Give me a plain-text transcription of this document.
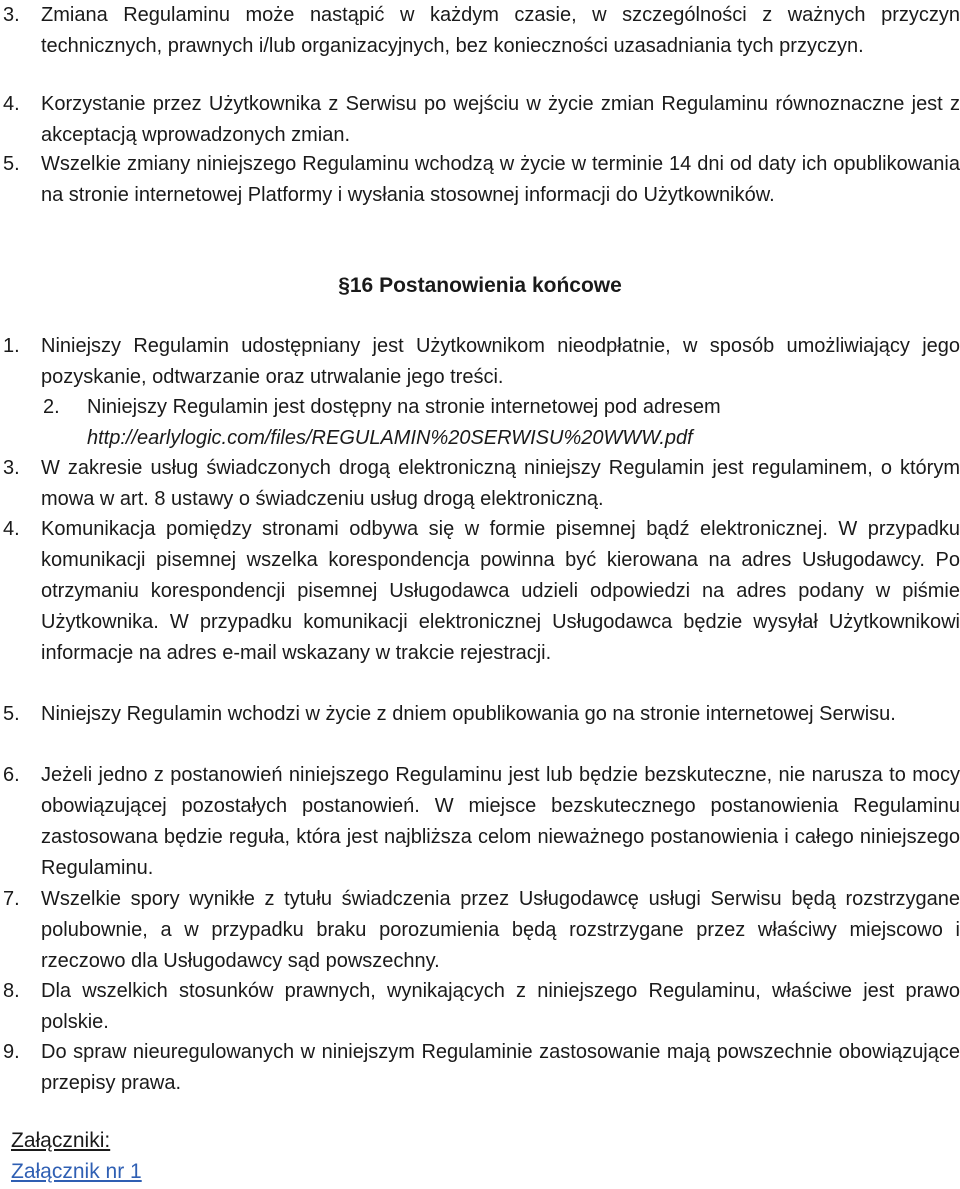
3.	Zmiana Regulaminu może nastąpić w każdym czasie, w szczególności z ważnych przyczyn technicznych, prawnych i/lub organizacyjnych, bez konieczności uzasadniania tych przyczyn.
4.	Korzystanie przez Użytkownika z Serwisu po wejściu w życie zmian Regulaminu równoznaczne jest z akceptacją wprowadzonych zmian.
5.	Wszelkie zmiany niniejszego Regulaminu wchodzą w życie w terminie 14 dni od daty ich opublikowania na stronie internetowej Platformy i wysłania stosownej informacji do Użytkowników.
§16 Postanowienia końcowe
1.	Niniejszy Regulamin udostępniany jest Użytkownikom nieodpłatnie, w sposób umożliwiający jego pozyskanie, odtwarzanie oraz utrwalanie jego treści.
2.	Niniejszy Regulamin jest dostępny na stronie internetowej pod adresem
http://earlylogic.com/files/REGULAMIN%20SERWISU%20WWW.pdf
3.	W zakresie usług świadczonych drogą elektroniczną niniejszy Regulamin jest regulaminem, o którym mowa w art. 8 ustawy o świadczeniu usług drogą elektroniczną.
4.	Komunikacja pomiędzy stronami odbywa się w formie pisemnej bądź elektronicznej. W przypadku komunikacji pisemnej wszelka korespondencja powinna być kierowana na adres Usługodawcy. Po otrzymaniu korespondencji pisemnej Usługodawca udzieli odpowiedzi na adres podany w piśmie Użytkownika. W przypadku komunikacji elektronicznej Usługodawca będzie wysyłał Użytkownikowi informacje na adres e-mail wskazany w trakcie rejestracji.
5.	Niniejszy Regulamin wchodzi w życie z dniem opublikowania go na stronie internetowej Serwisu.
6.	Jeżeli jedno z postanowień niniejszego Regulaminu jest lub będzie bezskuteczne, nie narusza to mocy obowiązującej pozostałych postanowień. W miejsce bezskutecznego postanowienia Regulaminu zastosowana będzie reguła, która jest najbliższa celom nieważnego postanowienia i całego niniejszego Regulaminu.
7.	Wszelkie spory wynikłe z tytułu świadczenia przez Usługodawcę usługi Serwisu będą rozstrzygane polubownie, a w przypadku braku porozumienia będą rozstrzygane przez właściwy miejscowo i rzeczowo dla Usługodawcy sąd powszechny.
8.	Dla wszelkich stosunków prawnych, wynikających z niniejszego Regulaminu, właściwe jest prawo polskie.
9.	Do spraw nieuregulowanych w niniejszym Regulaminie zastosowanie mają powszechnie obowiązujące przepisy prawa.
Załączniki:
Załącznik nr 1
